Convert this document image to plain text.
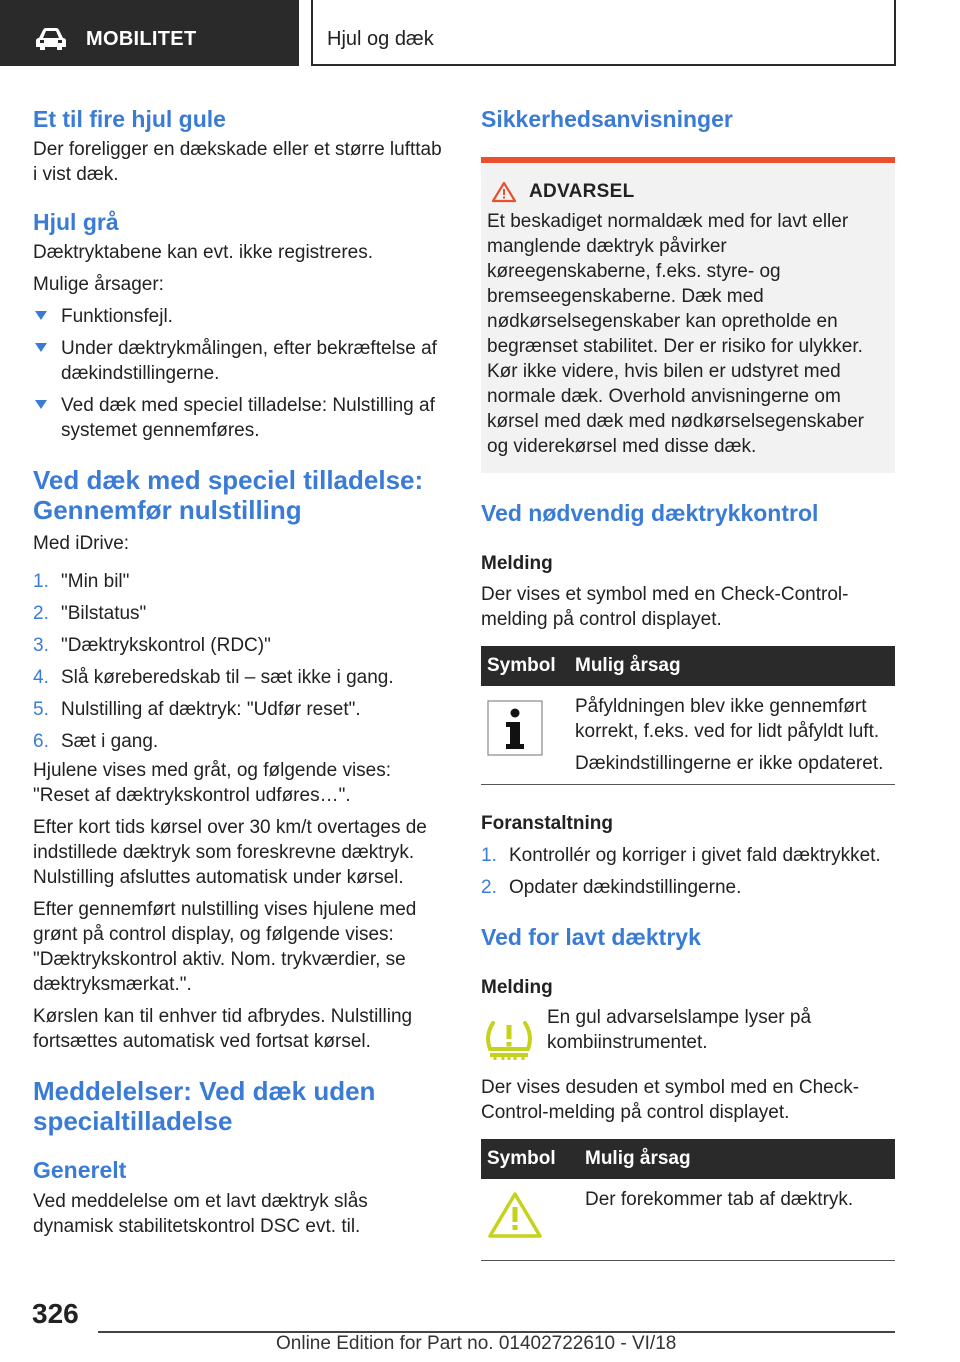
MOBILITET	Hjul og dæk
Et til fire hjul gule

Der foreligger en dækskade eller et større lufttab i vist dæk.

Hjul grå

Dæktryktabene kan evt. ikke registreres.

Mulige årsager:

Funktionsfejl.
Under dæktrykmålingen, efter bekræftelse af dækindstillingerne.
Ved dæk med speciel tilladelse: Nulstilling af systemet gennemføres.
Ved dæk med speciel tilladelse: Gennemfør nulstilling

Med iDrive:

1. "Min bil"
2. "Bilstatus"
3. "Dæktrykskontrol (RDC)"
4. Slå køreberedskab til – sæt ikke i gang.
5. Nulstilling af dæktryk: "Udfør reset".
6. Sæt i gang.

Hjulene vises med gråt, og følgende vises: "Reset af dæktrykskontrol udføres…".

Efter kort tids kørsel over 30 km/t overtages de indstillede dæktryk som foreskrevne dæktryk. Nulstilling afsluttes automatisk under kørsel.

Efter gennemført nulstilling vises hjulene med grønt på control display, og følgende vises: "Dæktrykskontrol aktiv. Nom. trykværdier, se dæktryksmærkat.".

Kørslen kan til enhver tid afbrydes. Nulstilling fortsættes automatisk ved fortsat kørsel.

Meddelelser: Ved dæk uden specialtilladelse
Generelt

Ved meddelelse om et lavt dæktryk slås dynamisk stabilitetskontrol DSC evt. til.

Sikkerhedsanvisninger
ADVARSEL

Et beskadiget normaldæk med for lavt eller manglende dæktryk påvirker køreegenskaberne, f.eks. styre- og bremseegenskaberne. Dæk med nødkørselsegenskaber kan opretholde en begrænset stabilitet. Der er risiko for ulykker. Kør ikke videre, hvis bilen er udstyret med normale dæk. Overhold anvisningerne om kørsel med dæk med nødkørselsegenskaber og viderekørsel med disse dæk.

Ved nødvendig dæktrykkontrol
Melding

Der vises et symbol med en Check-Control-melding på control displayet.

Symbol	Mulig årsag

Påfyldningen blev ikke gennemført korrekt, f.eks. ved for lidt påfyldt luft.

Dækindstillingerne er ikke opdateret.

Foranstaltning
1. Kontrollér og korriger i givet fald dæktrykket.
2. Opdater dækindstillingerne.
Ved for lavt dæktryk
Melding

En gul advarselslampe lyser på kombiinstrumentet.

Der vises desuden et symbol med en Check-Control-melding på control displayet.

Symbol	Mulig årsag

Der forekommer tab af dæktryk.

326
Online Edition for Part no. 01402722610 - VI/18
